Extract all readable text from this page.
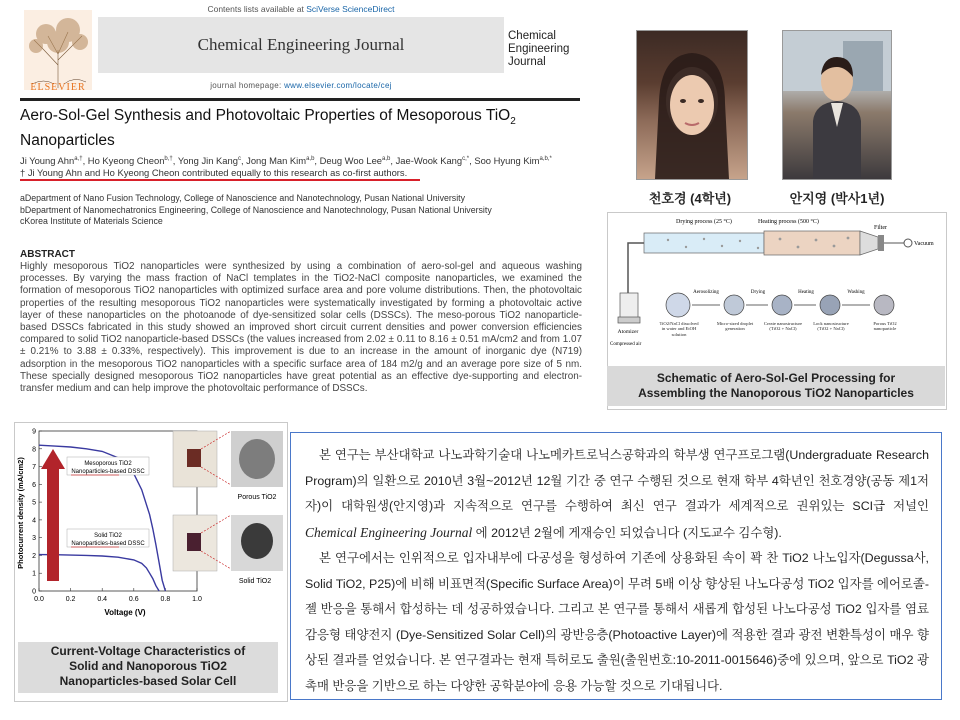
ELSEVIER
Contents lists available at SciVerse ScienceDirect
Chemical Engineering Journal
journal homepage: www.elsevier.com/locate/cej
Chemical
Engineering
Journal
Aero-Sol-Gel Synthesis and Photovoltaic Properties of Mesoporous TiO$_2$
Nanoparticles
Ji Young Ahn$^{a,\dagger}$, Ho Kyeong Cheon$^{b,\dagger}$, Yong Jin Kang$^c$, Jong Man Kim$^{a,b}$, Deug Woo Lee$^{a,b}$, Jae-Wook Kang$^{c,*}$, Soo Hyung Kim$^{a,b,*}$
† Ji Young Ahn and Ho Kyeong Cheon contributed equally to this research as co-first authors.
aDepartment of Nano Fusion Technology, College of Nanoscience and Nanotechnology, Pusan National University
bDepartment of Nanomechatronics Engineering, College of Nanoscience and Nanotechnology, Pusan National University
cKorea Institute of Materials Science
ABSTRACT
Highly mesoporous TiO2 nanoparticles were synthesized by using a combination of aero-sol-gel and aqueous washing processes. By varying the mass fraction of NaCl templates in the TiO2-NaCl composite nanoparticles, we examined the formation of mesoporous TiO2 nanoparticles with optimized surface area and pore volume distributions. Then, the photovoltaic properties of the resulting mesoporous TiO2 nanoparticles were systematically investigated by forming a photovoltaic active layer of these nanoparticles on the photoanode of dye-sensitized solar cells (DSSCs). The meso-porous TiO2 nanoparticle-based DSSCs fabricated in this study showed an improved short circuit current densities and power conversion efficiencies compared to solid TiO2 nanoparticle-based DSSCs (the values increased from 2.02 ± 0.11 to 8.16 ± 0.51 mA/cm2 and from 1.07 ± 0.21% to 3.88 ± 0.33%, respectively). This improvement is due to an increase in the amount of inorganic dye (N719) adsorption in the mesoporous TiO2 nanoparticles with a specific surface area of 184 m2/g and an average pore size of 5 nm. These specially designed mesoporous TiO2 nanoparticles have great potential as an effective dye-supporting and electron-transfer medium and can help improve the photovoltaic performance of DSSCs.
천호경 (4학년)	안지영 (박사1년)
Drying process (25 °C)	Heating process (500 °C)
Filter
Vacuum
Atomizer
Compressed air
Aerosolizing	Drying	Heating	Washing
TiO2/NaCl dissolved in water and EtOH solution
Micro-sized droplet generation
Create nanostructure (TiO2 + NaCl)
Lock nanostructure (TiO2 + NaCl)
Porous TiO2 nanoparticle
Schematic of Aero-Sol-Gel Processing for
Assembling the Nanoporous TiO2 Nanoparticles
0
1
2
3
4
5
6
7
8
9
0.0	0.2	0.4	0.6	0.8	1.0
Voltage (V)
Photocurrent density (mA/cm2)	Mesoporous TiO2
Nanoparticles-based DSSC
Solid TiO2
Nanoparticles-based DSSC
Porous TiO2
Solid TiO2
Current-Voltage Characteristics of
Solid and Nanoporous TiO2
Nanoparticles-based Solar Cell

본 연구는 부산대학교 나노과학기술대 나노메카트로닉스공학과의 학부생 연구프로그램(Undergraduate Research Program)의 일환으로 2010년 3월~2012년 12월 기간 중 연구 수행된 것으로 현재 학부 4학년인 천호경양(공동 제1저자)이 대학원생(안지영)과 지속적으로 연구를 수행하여 최신 연구 결과가 세계적으로 권위있는 SCI급 저널인 Chemical Engineering Journal 에 2012년 2월에 게재승인 되었습니다 (지도교수 김수형).

본 연구에서는 인위적으로 입자내부에 다공성을 형성하여 기존에 상용화된 속이 꽉 찬 TiO2 나노입자(Degussa사, Solid TiO2, P25)에 비해 비표면적(Specific Surface Area)이 무려 5배 이상 향상된 나노다공성 TiO2 입자를 에어로졸-젤 반응을 통해서 합성하는 데 성공하였습니다. 그리고 본 연구를 통해서 새롭게 합성된 나노다공성 TiO2 입자를 염료감응형 태양전지 (Dye-Sensitized Solar Cell)의 광반응층(Photoactive Layer)에 적용한 결과 광전 변환특성이 매우 향상된 결과를 얻었습니다. 본 연구결과는 현재 특허로도 출원(출원번호:10-2011-0015646)중에 있으며, 앞으로 TiO2 광촉매 반응을 기반으로 하는 다양한 공학분야에 응용 가능할 것으로 기대됩니다.
